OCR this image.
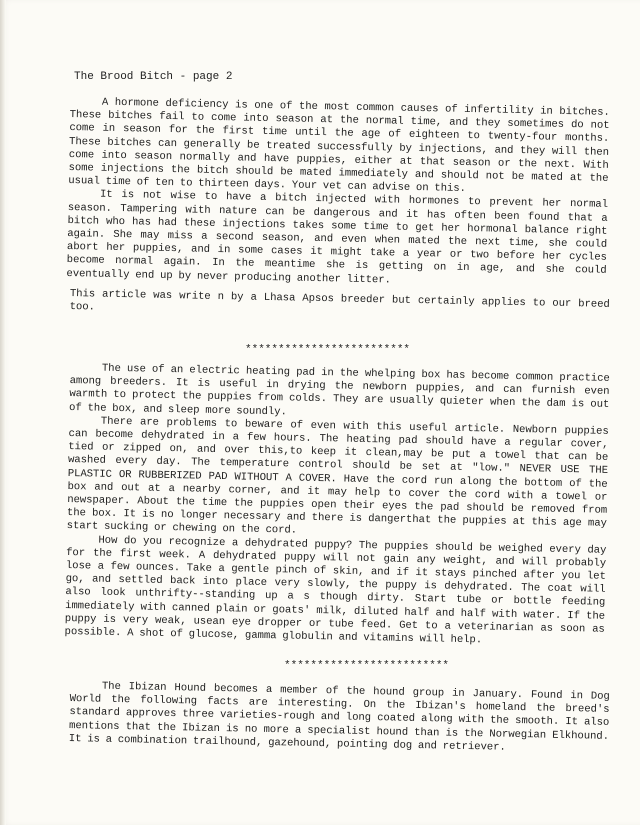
The Brood Bitch - page 2

A hormone deficiency is one of the most common causes of infertility in bitches. These bitches fail to come into season at the normal time, and they sometimes do not come in season for the first time until the age of eighteen to twenty-four months. These bitches can generally be treated successfully by injections, and they will then come into season normally and have puppies, either at that season or the next. With some injections the bitch should be mated immediately and should not be mated at the usual time of ten to thirteen days. Your vet can advise on this.

It is not wise to have a bitch injected with hormones to prevent her normal season. Tampering with nature can be dangerous and it has often been found that a bitch who has had these injections takes some time to get her hormonal balance right again. She may miss a second season, and even when mated the next time, she could abort her puppies, and in some cases it might take a year or two before her cycles become normal again. In the meantime she is getting on in age, and she could eventually end up by never producing another litter.

This article was write n by a Lhasa Apsos breeder but certainly applies to our breed too.

*************************

The use of an electric heating pad in the whelping box has become common practice among breeders. It is useful in drying the newborn puppies, and can furnish even warmth to protect the puppies from colds. They are usually quieter when the dam is out of the box, and sleep more soundly.

There are problems to beware of even with this useful article. Newborn puppies can become dehydrated in a few hours. The heating pad should have a regular cover, tied or zipped on, and over this,to keep it clean,may be put a towel that can be washed every day. The temperature control should be set at "low." NEVER USE THE PLASTIC OR RUBBERIZED PAD WITHOUT A COVER. Have the cord run along the bottom of the box and out at a nearby corner, and it may help to cover the cord with a towel or newspaper. About the time the puppies open their eyes the pad should be removed from the box. It is no longer necessary and there is dangerthat the puppies at this age may start sucking or chewing on the cord.

How do you recognize a dehydrated puppy? The puppies should be weighed every day for the first week. A dehydrated puppy will not gain any weight, and will probably lose a few ounces. Take a gentle pinch of skin, and if it stays pinched after you let go, and settled back into place very slowly, the puppy is dehydrated. The coat will also look unthrifty--standing up a s though dirty. Start tube or bottle feeding immediately with canned plain or goats' milk, diluted half and half with water. If the puppy is very weak, usean eye dropper or tube feed. Get to a veterinarian as soon as possible. A shot of glucose, gamma globulin and vitamins will help.

*************************

The Ibizan Hound becomes a member of the hound group in January. Found in Dog World the following facts are interesting. On the Ibizan's homeland the breed's standard approves three varieties-rough and long coated along with the smooth. It also mentions that the Ibizan is no more a specialist hound than is the Norwegian Elkhound. It is a combination trailhound, gazehound, pointing dog and retriever.
